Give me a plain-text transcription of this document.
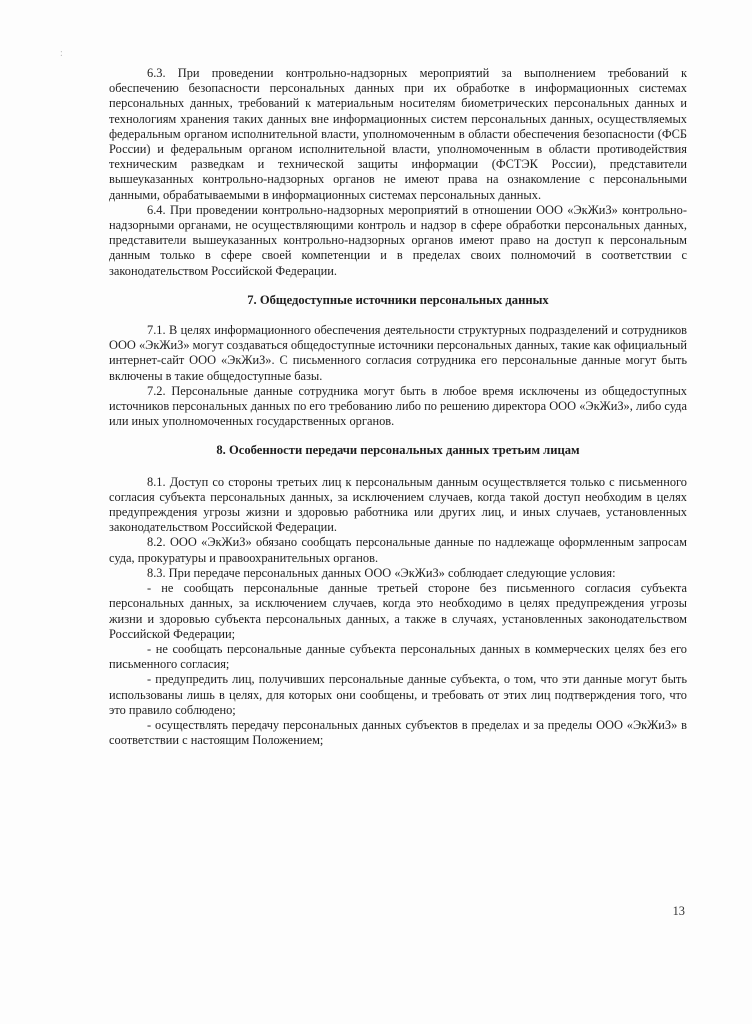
:

6.3. При проведении контрольно-надзорных мероприятий за выполнением требований к обеспечению безопасности персональных данных при их обработке в информационных системах персональных данных, требований к материальным носителям биометрических персональных данных и технологиям хранения таких данных вне информационных систем персональных данных, осуществляемых федеральным органом исполнительной власти, уполномоченным в области обеспечения безопасности (ФСБ России) и федеральным органом исполнительной власти, уполномоченным в области противодействия техническим разведкам и технической защиты информации (ФСТЭК России), представители вышеуказанных контрольно-надзорных органов не имеют права на ознакомление с персональными данными, обрабатываемыми в информационных системах персональных данных.

6.4. При проведении контрольно-надзорных мероприятий в отношении ООО «ЭкЖиЗ» контрольно-надзорными органами, не осуществляющими контроль и надзор в сфере обработки персональных данных, представители вышеуказанных контрольно-надзорных органов имеют право на доступ к персональным данным только в сфере своей компетенции и в пределах своих полномочий в соответствии с законодательством Российской Федерации.

7. Общедоступные источники персональных данных

7.1. В целях информационного обеспечения деятельности структурных подразделений и сотрудников ООО «ЭкЖиЗ» могут создаваться общедоступные источники персональных данных, такие как официальный интернет-сайт ООО «ЭкЖиЗ». С письменного согласия сотрудника его персональные данные могут быть включены в такие общедоступные базы.

7.2. Персональные данные сотрудника могут быть в любое время исключены из общедоступных источников персональных данных по его требованию либо по решению директора ООО «ЭкЖиЗ», либо суда или иных уполномоченных государственных органов.

8. Особенности передачи персональных данных третьим лицам

8.1. Доступ со стороны третьих лиц к персональным данным осуществляется только с письменного согласия субъекта персональных данных, за исключением случаев, когда такой доступ необходим в целях предупреждения угрозы жизни и здоровью работника или других лиц, и иных случаев, установленных законодательством Российской Федерации.

8.2. ООО «ЭкЖиЗ» обязано сообщать персональные данные по надлежаще оформленным запросам суда, прокуратуры и правоохранительных органов.

8.3. При передаче персональных данных ООО «ЭкЖиЗ» соблюдает следующие условия:

- не сообщать персональные данные третьей стороне без письменного согласия субъекта персональных данных, за исключением случаев, когда это необходимо в целях предупреждения угрозы жизни и здоровью субъекта персональных данных, а также в случаях, установленных законодательством Российской Федерации;

- не сообщать персональные данные субъекта персональных данных в коммерческих целях без его письменного согласия;

- предупредить лиц, получивших персональные данные субъекта, о том, что эти данные могут быть использованы лишь в целях, для которых они сообщены, и требовать от этих лиц подтверждения того, что это правило соблюдено;

- осуществлять передачу персональных данных субъектов в пределах и за пределы ООО «ЭкЖиЗ» в соответствии с настоящим Положением;

13
